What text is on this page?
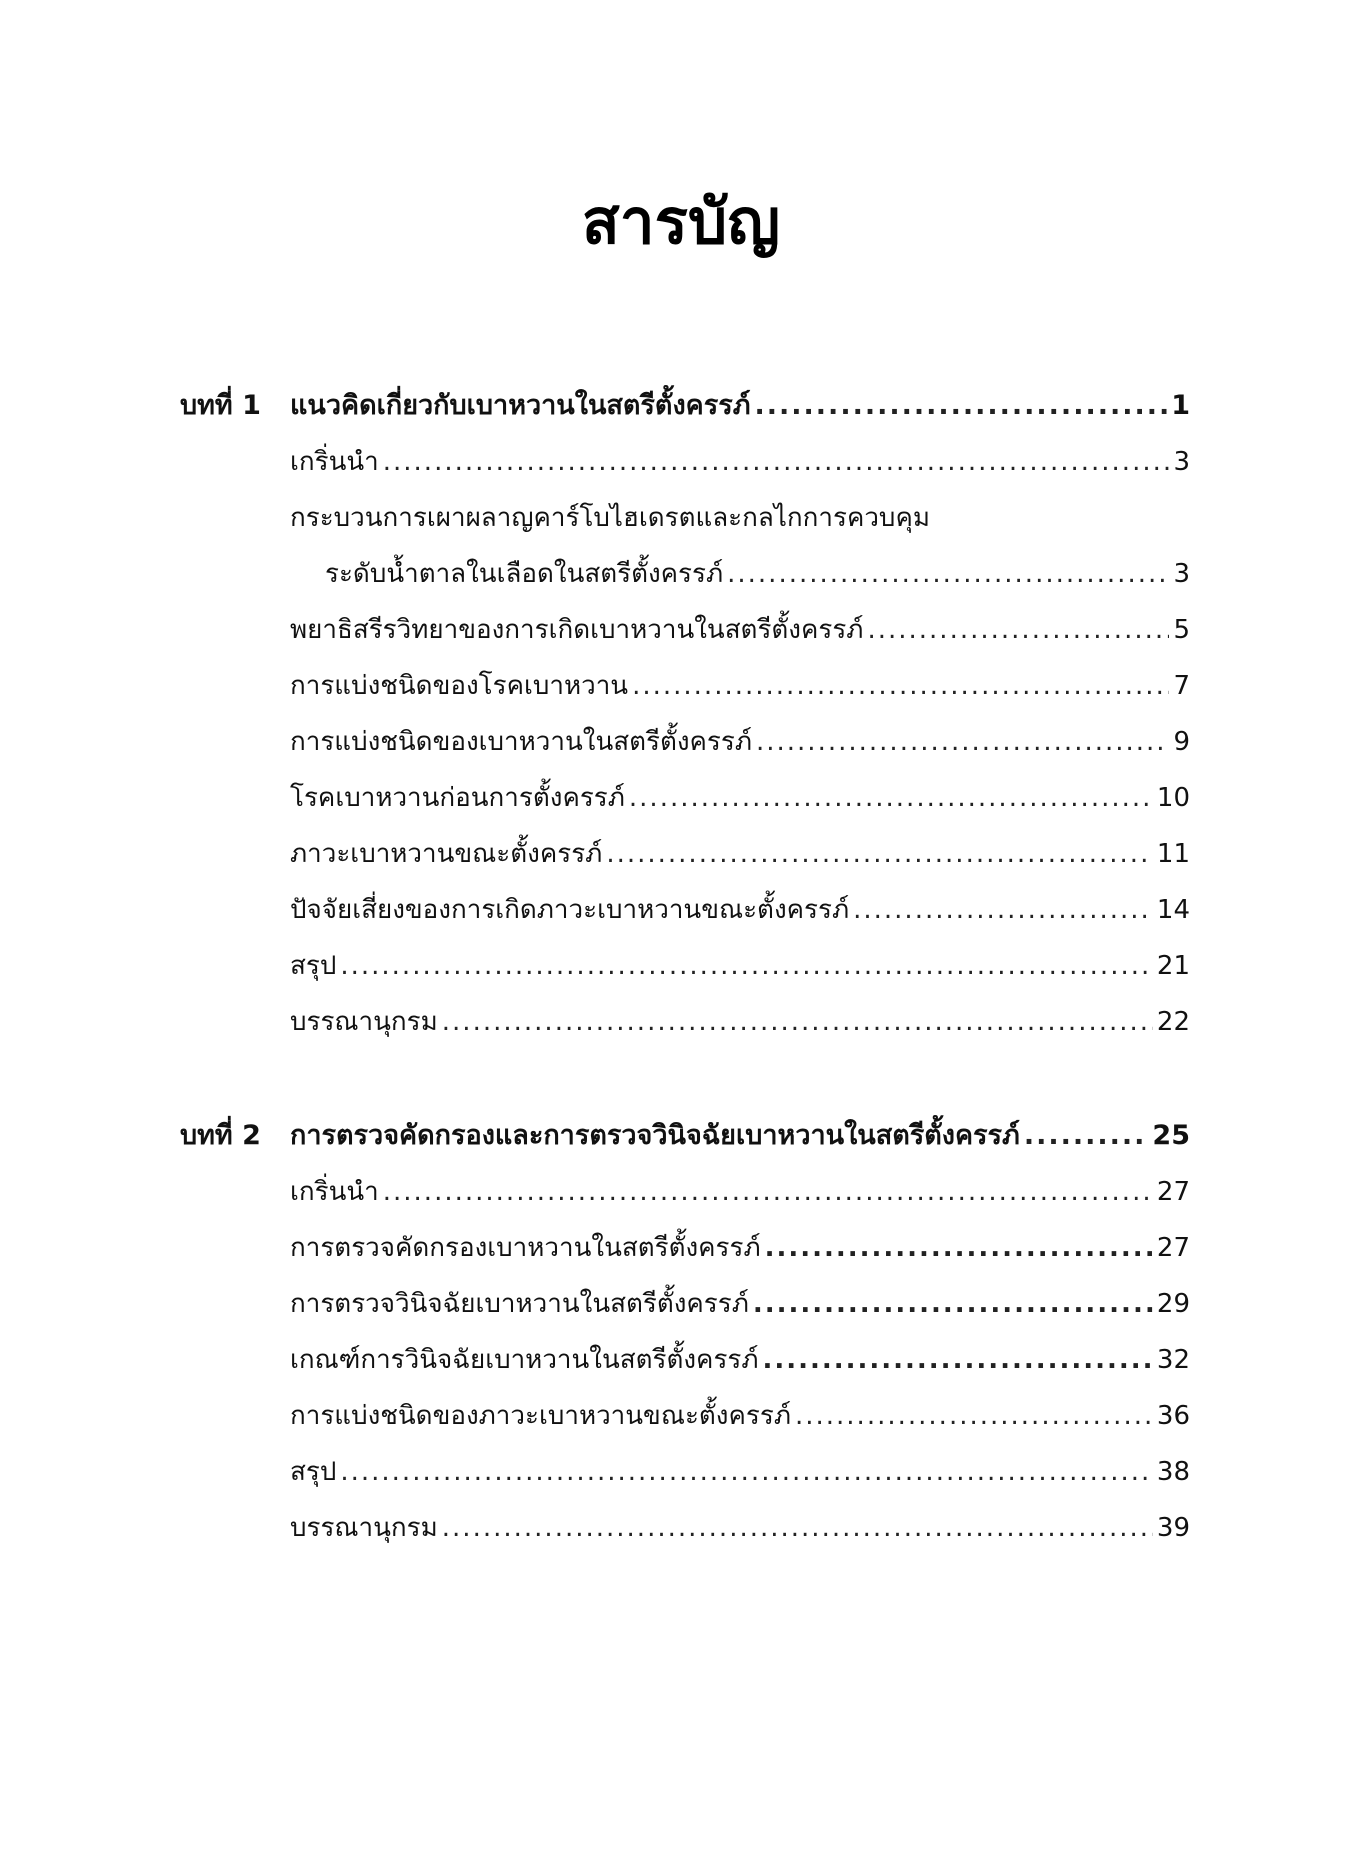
สารบัญ
บทที่ 1	แนวคิดเกี่ยวกับเบาหวานในสตรีตั้งครรภ์ .....	1
เกริ่นนำ .....	3
กระบวนการเผาผลาญคาร์โบไฮเดรตและกลไกการควบคุม
ระดับน้ำตาลในเลือดในสตรีตั้งครรภ์ .....	3
พยาธิสรีรวิทยาของการเกิดเบาหวานในสตรีตั้งครรภ์ .....	5
การแบ่งชนิดของโรคเบาหวาน .....	7
การแบ่งชนิดของเบาหวานในสตรีตั้งครรภ์ .....	9
โรคเบาหวานก่อนการตั้งครรภ์ .....	10
ภาวะเบาหวานขณะตั้งครรภ์ .....	11
ปัจจัยเสี่ยงของการเกิดภาวะเบาหวานขณะตั้งครรภ์ .....	14
สรุป .....	21
บรรณานุกรม .....	22
บทที่ 2	การตรวจคัดกรองและการตรวจวินิจฉัยเบาหวานในสตรีตั้งครรภ์ .....	25
เกริ่นนำ .....	27
การตรวจคัดกรองเบาหวานในสตรีตั้งครรภ์ .....	27
การตรวจวินิจฉัยเบาหวานในสตรีตั้งครรภ์ .....	29
เกณฑ์การวินิจฉัยเบาหวานในสตรีตั้งครรภ์ .....	32
การแบ่งชนิดของภาวะเบาหวานขณะตั้งครรภ์ .....	36
สรุป .....	38
บรรณานุกรม .....	39
